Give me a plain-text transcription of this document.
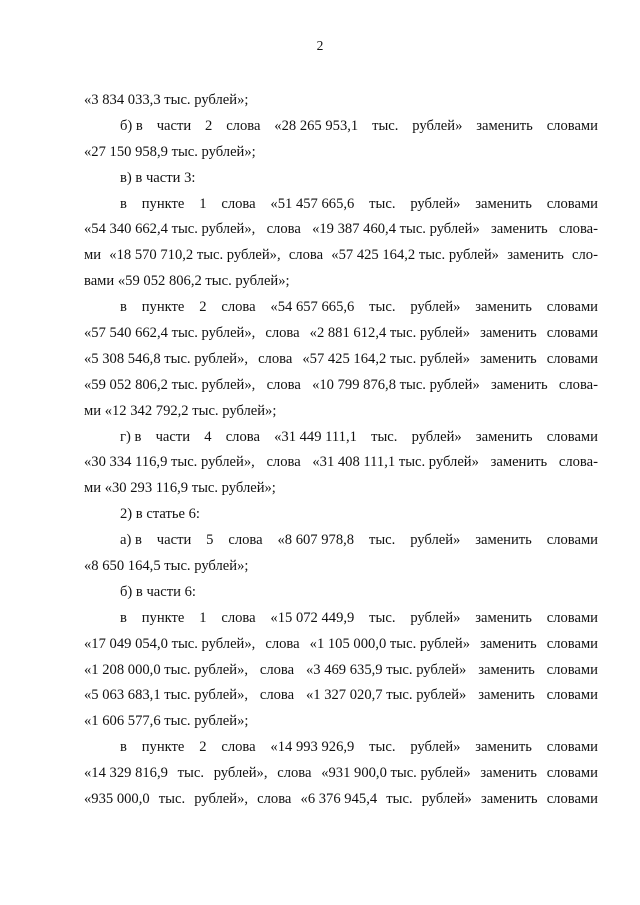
2
«3 834 033,3 тыс. рублей»;
б) в части 2 слова «28 265 953,1 тыс. рублей» заменить словами
«27 150 958,9 тыс. рублей»;
в) в части 3:
в пункте 1 слова «51 457 665,6 тыс. рублей» заменить словами
«54 340 662,4 тыс. рублей», слова «19 387 460,4 тыс. рублей» заменить слова-
ми «18 570 710,2 тыс. рублей», слова «57 425 164,2 тыс. рублей» заменить сло-
вами «59 052 806,2 тыс. рублей»;
в пункте 2 слова «54 657 665,6 тыс. рублей» заменить словами
«57 540 662,4 тыс. рублей», слова «2 881 612,4 тыс. рублей» заменить словами
«5 308 546,8 тыс. рублей», слова «57 425 164,2 тыс. рублей» заменить словами
«59 052 806,2 тыс. рублей», слова «10 799 876,8 тыс. рублей» заменить слова-
ми «12 342 792,2 тыс. рублей»;
г) в части 4 слова «31 449 111,1 тыс. рублей» заменить словами
«30 334 116,9 тыс. рублей», слова «31 408 111,1 тыс. рублей» заменить слова-
ми «30 293 116,9 тыс. рублей»;
2) в статье 6:
а) в части 5 слова «8 607 978,8 тыс. рублей» заменить словами
«8 650 164,5 тыс. рублей»;
б) в части 6:
в пункте 1 слова «15 072 449,9 тыс. рублей» заменить словами
«17 049 054,0 тыс. рублей», слова «1 105 000,0 тыс. рублей» заменить словами
«1 208 000,0 тыс. рублей», слова «3 469 635,9 тыс. рублей» заменить словами
«5 063 683,1 тыс. рублей», слова «1 327 020,7 тыс. рублей» заменить словами
«1 606 577,6 тыс. рублей»;
в пункте 2 слова «14 993 926,9 тыс. рублей» заменить словами
«14 329 816,9 тыс. рублей», слова «931 900,0 тыс. рублей» заменить словами
«935 000,0 тыс. рублей», слова «6 376 945,4 тыс. рублей» заменить словами
